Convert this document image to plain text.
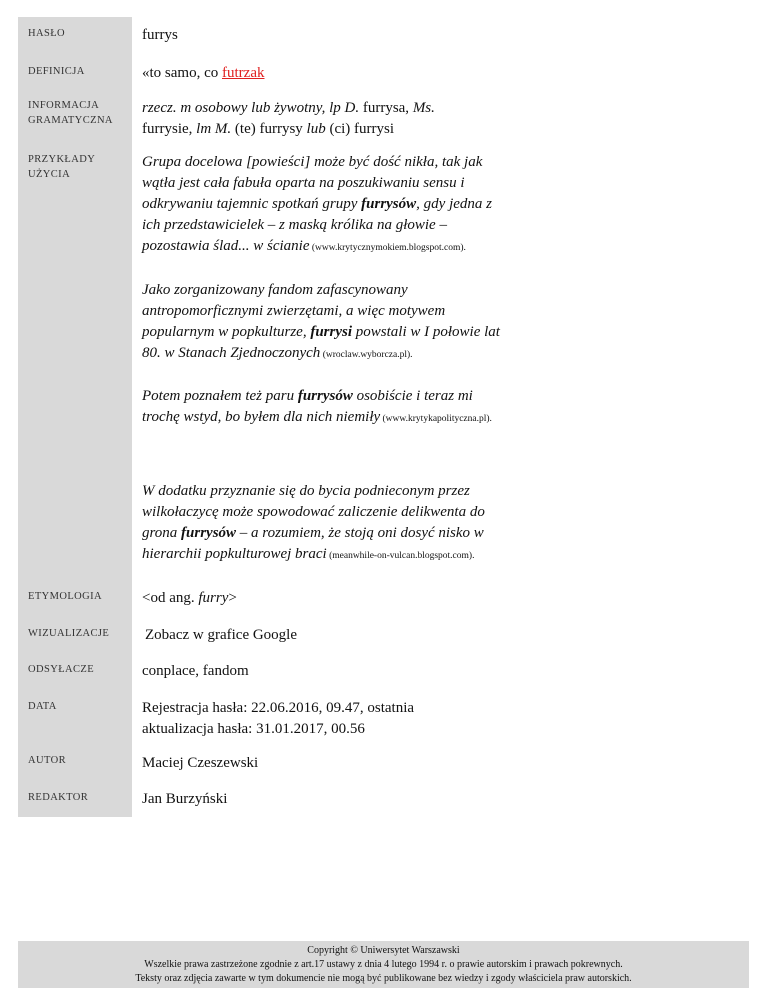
HASŁO
DEFINICJA
INFORMACJA
GRAMATYCZNA
PRZYKŁADY
UŻYCIA
ETYMOLOGIA
WIZUALIZACJE
ODSYŁACZE
DATA
AUTOR
REDAKTOR
furrys
«to samo, co futrzak
rzecz. m osobowy lub żywotny, lp D. furrysa, Ms.
furrysie, lm M. (te) furrysy lub (ci) furrysi
Grupa docelowa [powieści] może być dość nikła, tak jak wątła jest cała fabuła oparta na poszukiwaniu sensu i odkrywaniu tajemnic spotkań grupy furrysów, gdy jedna z ich przedstawicielek – z maską królika na głowie – pozostawia ślad... w ścianie (www.krytycznymokiem.blogspot.com).
Jako zorganizowany fandom zafascynowany antropomorficznymi zwierzętami, a więc motywem popularnym w popkulturze, furrysi powstali w I połowie lat 80. w Stanach Zjednoczonych (wroclaw.wyborcza.pl).
Potem poznałem też paru furrysów osobiście i teraz mi trochę wstyd, bo byłem dla nich niemiły (www.krytykapolityczna.pl).
W dodatku przyznanie się do bycia podnieconym przez wilkołaczycę może spowodować zaliczenie delikwenta do grona furrysów – a rozumiem, że stoją oni dosyć nisko w hierarchii popkulturowej braci (meanwhile-on-vulcan.blogspot.com).
<od ang. furry>
Zobacz w grafice Google
conplace, fandom
Rejestracja hasła: 22.06.2016, 09.47, ostatnia
aktualizacja hasła: 31.01.2017, 00.56
Maciej Czeszewski
Jan Burzyński
Copyright © Uniwersytet Warszawski
Wszelkie prawa zastrzeżone zgodnie z art.17 ustawy z dnia 4 lutego 1994 r. o prawie autorskim i prawach pokrewnych.
Teksty oraz zdjęcia zawarte w tym dokumencie nie mogą być publikowane bez wiedzy i zgody właściciela praw autorskich.
